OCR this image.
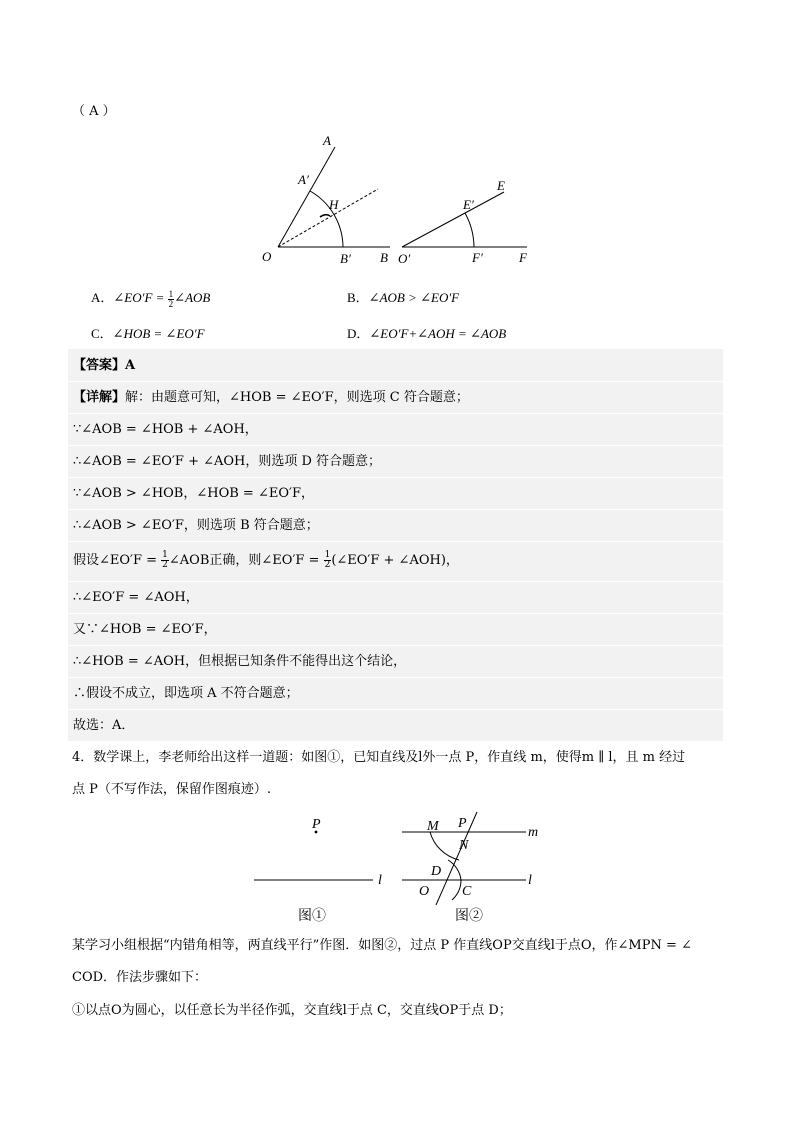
（ A ）
A
A′
H
O	B′ B
E
E′
O′	F′	F
A．∠EO′F = $\frac{1}{2}$ ∠AOB	B．∠AOB > ∠EO′F
C．∠HOB = ∠EO′F	D．∠EO′F+∠AOH = ∠AOB
【答案】A
【详解】解：由题意可知，∠HOB = ∠EO′F，则选项 C 符合题意；
∵∠AOB = ∠HOB + ∠AOH，
∴∠AOB = ∠EO′F + ∠AOH，则选项 D 符合题意；
∵∠AOB > ∠HOB，∠HOB = ∠EO′F，
∴∠AOB > ∠EO′F，则选项 B 符合题意；
假设∠EO′F = $\frac{1}{2}$ ∠AOB正确，则∠EO′F = $\frac{1}{2}$ (∠EO′F + ∠AOH)，
∴∠EO′F = ∠AOH，
又∵∠HOB = ∠EO′F，
∴∠HOB = ∠AOH，但根据已知条件不能得出这个结论，
∴假设不成立，即选项 A 不符合题意；
故选：A．
4．数学课上，李老师给出这样一道题：如图①，已知直线及l外一点 P，作直线 m，使得m ∥ l，且 m 经过
点 P（不写作法，保留作图痕迹）.
P
l
M P
m
N
D
O C
l
图①	图②
某学习小组根据“内错角相等，两直线平行”作图．如图②，过点 P 作直线OP交直线l于点O，作∠MPN = ∠
COD．作法步骤如下：
①以点O为圆心，以任意长为半径作弧，交直线l于点 C，交直线OP于点 D；
